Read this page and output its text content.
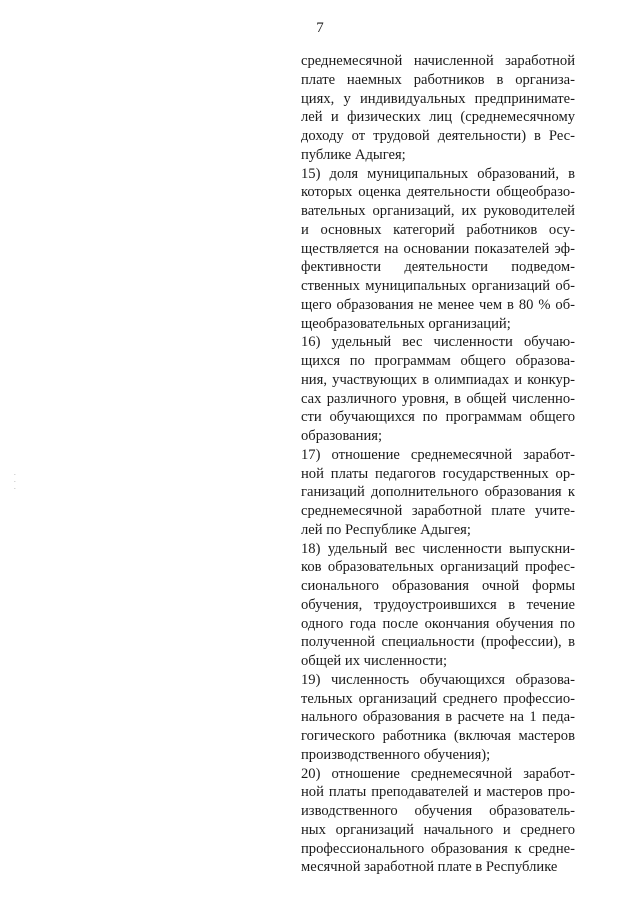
7
.
.
.
среднемесячной начисленной заработной
плате наемных работников в организа-
циях, у индивидуальных предпринимате-
лей и физических лиц (среднемесячному
доходу от трудовой деятельности) в Рес-
публике Адыгея;
15) доля муниципальных образований, в
которых оценка деятельности общеобразо-
вательных организаций, их руководителей
и основных категорий работников осу-
ществляется на основании показателей эф-
фективности деятельности подведом-
ственных муниципальных организаций об-
щего образования не менее чем в 80 % об-
щеобразовательных организаций;
16) удельный вес численности обучаю-
щихся по программам общего образова-
ния, участвующих в олимпиадах и конкур-
сах различного уровня, в общей численно-
сти обучающихся по программам общего
образования;
17) отношение среднемесячной заработ-
ной платы педагогов государственных ор-
ганизаций дополнительного образования к
среднемесячной заработной плате учите-
лей по Республике Адыгея;
18) удельный вес численности выпускни-
ков образовательных организаций профес-
сионального образования очной формы
обучения, трудоустроившихся в течение
одного года после окончания обучения по
полученной специальности (профессии), в
общей их численности;
19) численность обучающихся образова-
тельных организаций среднего профессио-
нального образования в расчете на 1 педа-
гогического работника (включая мастеров
производственного обучения);
20) отношение среднемесячной заработ-
ной платы преподавателей и мастеров про-
изводственного обучения образователь-
ных организаций начального и среднего
профессионального образования к средне-
месячной заработной плате в Республике
